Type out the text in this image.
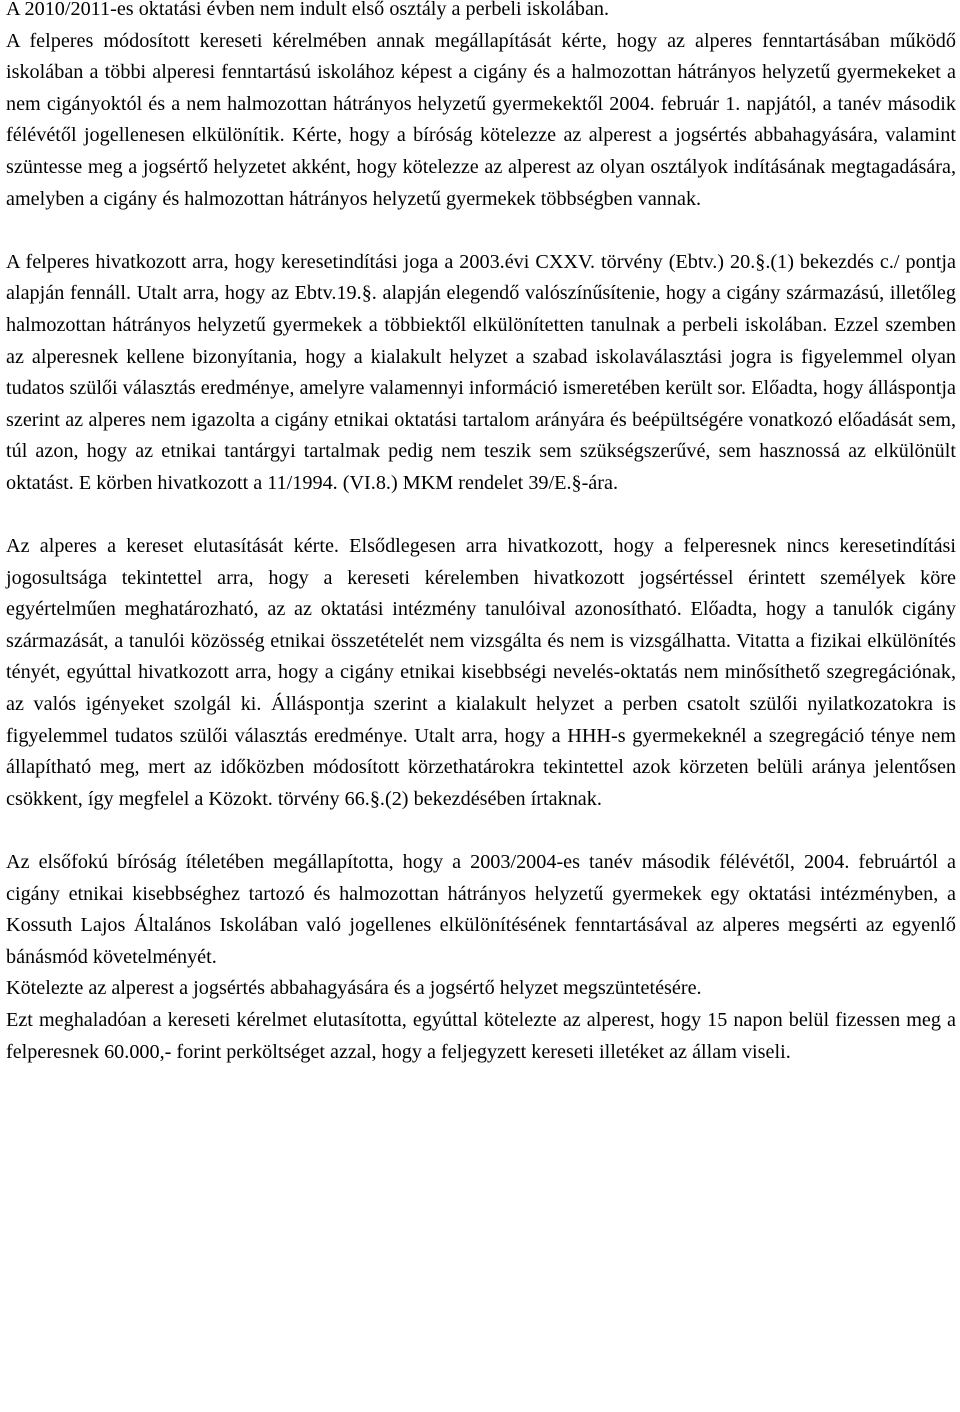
A 2010/2011-es oktatási évben nem indult első osztály a perbeli iskolában.

A felperes módosított kereseti kérelmében annak megállapítását kérte, hogy az alperes fenntartásában működő iskolában a többi alperesi fenntartású iskolához képest a cigány és a halmozottan hátrányos helyzetű gyermekeket a nem cigányoktól és a nem halmozottan hátrányos helyzetű gyermekektől 2004. február 1. napjától, a tanév második félévétől jogellenesen elkülönítik. Kérte, hogy a bíróság kötelezze az alperest a jogsértés abbahagyására, valamint szüntesse meg a jogsértő helyzetet akként, hogy kötelezze az alperest az olyan osztályok indításának megtagadására, amelyben a cigány és halmozottan hátrányos helyzetű gyermekek többségben vannak.

A felperes hivatkozott arra, hogy keresetindítási joga a 2003.évi CXXV. törvény (Ebtv.) 20.§.(1) bekezdés c./ pontja alapján fennáll. Utalt arra, hogy az Ebtv.19.§. alapján elegendő valószínűsítenie, hogy a cigány származású, illetőleg halmozottan hátrányos helyzetű gyermekek a többiektől elkülönítetten tanulnak a perbeli iskolában. Ezzel szemben az alperesnek kellene bizonyítania, hogy a kialakult helyzet a szabad iskolaválasztási jogra is figyelemmel olyan tudatos szülői választás eredménye, amelyre valamennyi információ ismeretében került sor. Előadta, hogy álláspontja szerint az alperes nem igazolta a cigány etnikai oktatási tartalom arányára és beépültségére vonatkozó előadását sem, túl azon, hogy az etnikai tantárgyi tartalmak pedig nem teszik sem szükségszerűvé, sem hasznossá az elkülönült oktatást. E körben hivatkozott a 11/1994. (VI.8.) MKM rendelet 39/E.§-ára.

Az alperes a kereset elutasítását kérte. Elsődlegesen arra hivatkozott, hogy a felperesnek nincs keresetindítási jogosultsága tekintettel arra, hogy a kereseti kérelemben hivatkozott jogsértéssel érintett személyek köre egyértelműen meghatározható, az az oktatási intézmény tanulóival azonosítható. Előadta, hogy a tanulók cigány származását, a tanulói közösség etnikai összetételét nem vizsgálta és nem is vizsgálhatta. Vitatta a fizikai elkülönítés tényét, egyúttal hivatkozott arra, hogy a cigány etnikai kisebbségi nevelés-oktatás nem minősíthető szegregációnak, az valós igényeket szolgál ki. Álláspontja szerint a kialakult helyzet a perben csatolt szülői nyilatkozatokra is figyelemmel tudatos szülői választás eredménye. Utalt arra, hogy a HHH-s gyermekeknél a szegregáció ténye nem állapítható meg, mert az időközben módosított körzethatárokra tekintettel azok körzeten belüli aránya jelentősen csökkent, így megfelel a Közokt. törvény 66.§.(2) bekezdésében írtaknak.

Az elsőfokú bíróság ítéletében megállapította, hogy a 2003/2004-es tanév második félévétől, 2004. februártól a cigány etnikai kisebbséghez tartozó és halmozottan hátrányos helyzetű gyermekek egy oktatási intézményben, a Kossuth Lajos Általános Iskolában való jogellenes elkülönítésének fenntartásával az alperes megsérti az egyenlő bánásmód követelményét.

Kötelezte az alperest a jogsértés abbahagyására és a jogsértő helyzet megszüntetésére.

Ezt meghaladóan a kereseti kérelmet elutasította, egyúttal kötelezte az alperest, hogy 15 napon belül fizessen meg a felperesnek 60.000,- forint perköltséget azzal, hogy a feljegyzett kereseti illetéket az állam viseli.
